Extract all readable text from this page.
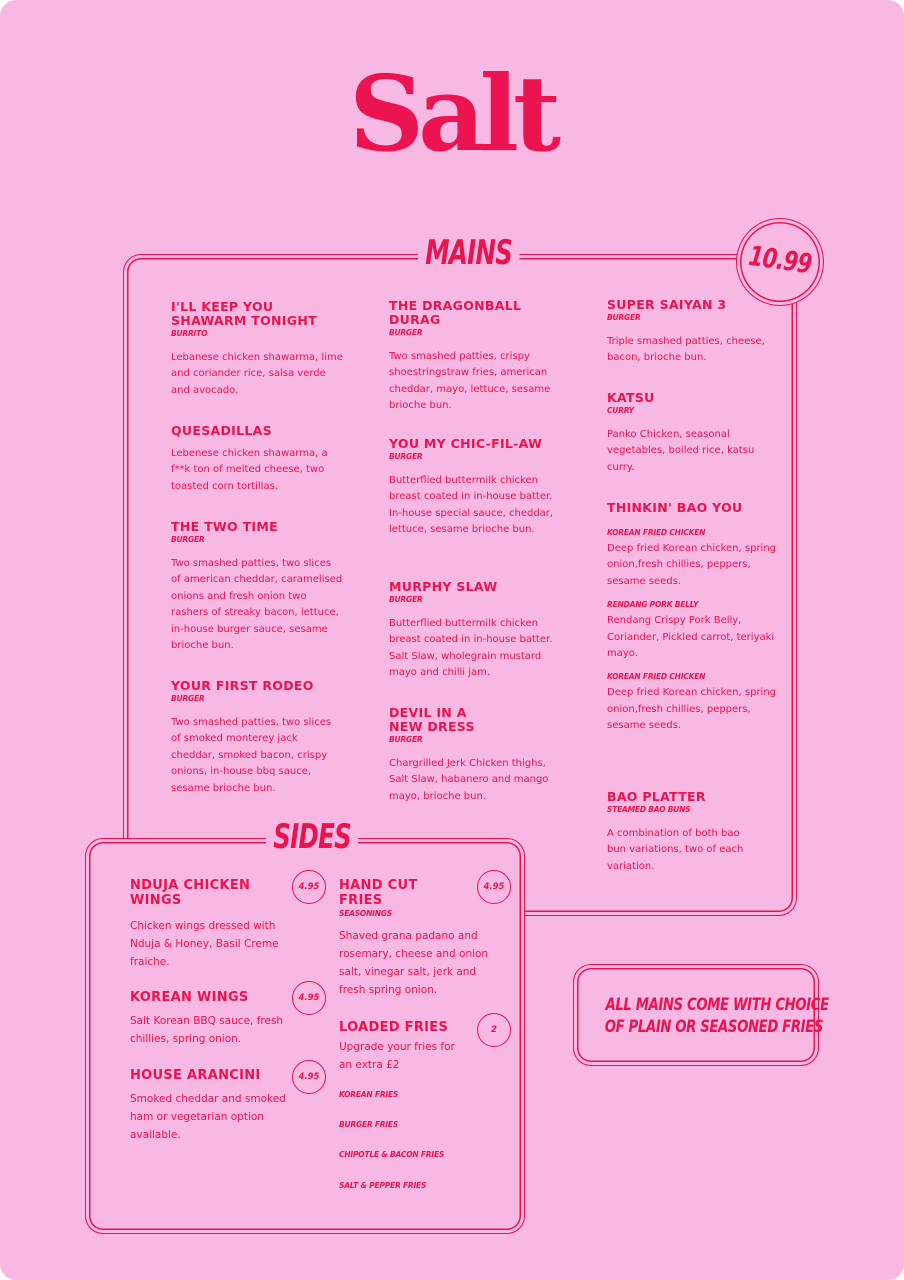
Salt
MAINS	10.99
I'LL KEEP YOU SHAWARM TONIGHT
BURRITO
Lebanese chicken shawarma, lime and coriander rice, salsa verde and avocado.
QUESADILLAS
Lebenese chicken shawarma, a f**k ton of melted cheese, two toasted corn tortillas.
THE TWO TIME
BURGER
Two smashed patties, two slices of american cheddar, caramelised onions and fresh onion two rashers of streaky bacon, lettuce, in-house burger sauce, sesame brioche bun.
YOUR FIRST RODEO
BURGER
Two smashed patties, two slices of smoked monterey jack cheddar, smoked bacon, crispy onions, in-house bbq sauce, sesame brioche bun.
THE DRAGONBALL DURAG
BURGER
Two smashed patties, crispy shoestringstraw fries, american cheddar, mayo, lettuce, sesame brioche bun.
YOU MY CHIC-FIL-AW
BURGER
Butterflied buttermilk chicken breast coated in in-house batter. In-house special sauce, cheddar, lettuce, sesame brioche bun.
MURPHY SLAW
BURGER
Butterflied buttermilk chicken breast coated in in-house batter. Salt Slaw, wholegrain mustard mayo and chilli jam.
DEVIL IN A NEW DRESS
BURGER
Chargrilled Jerk Chicken thighs, Salt Slaw, habanero and mango mayo, brioche bun.
SUPER SAIYAN 3
BURGER
Triple smashed patties, cheese, bacon, brioche bun.
KATSU
CURRY
Panko Chicken, seasonal vegetables, boiled rice, katsu curry.
THINKIN' BAO YOU
KOREAN FRIED CHICKEN
Deep fried Korean chicken, spring onion,fresh chillies, peppers, sesame seeds.
RENDANG PORK BELLY
Rendang Crispy Pork Belly, Coriander, Pickled carrot, teriyaki mayo.
KOREAN FRIED CHICKEN
Deep fried Korean chicken, spring onion,fresh chillies, peppers, sesame seeds.
BAO PLATTER
STEAMED BAO BUNS
A combination of both bao bun variations, two of each variation.
SIDES
NDUJA CHICKEN WINGS
Chicken wings dressed with Nduja & Honey, Basil Creme fraiche.
4.95
KOREAN WINGS
Salt Korean BBQ sauce, fresh chillies, spring onion.
4.95
HOUSE ARANCINI
Smoked cheddar and smoked ham or vegetarian option available.
4.95
HAND CUT FRIES
SEASONINGS
Shaved grana padano and rosemary, cheese and onion salt, vinegar salt, jerk and fresh spring onion.
4.95
LOADED FRIES
Upgrade your fries for an extra £2
2
KOREAN FRIES
BURGER FRIES
CHIPOTLE & BACON FRIES
SALT & PEPPER FRIES
ALL MAINS COME WITH CHOICE
OF PLAIN OR SEASONED FRIES
